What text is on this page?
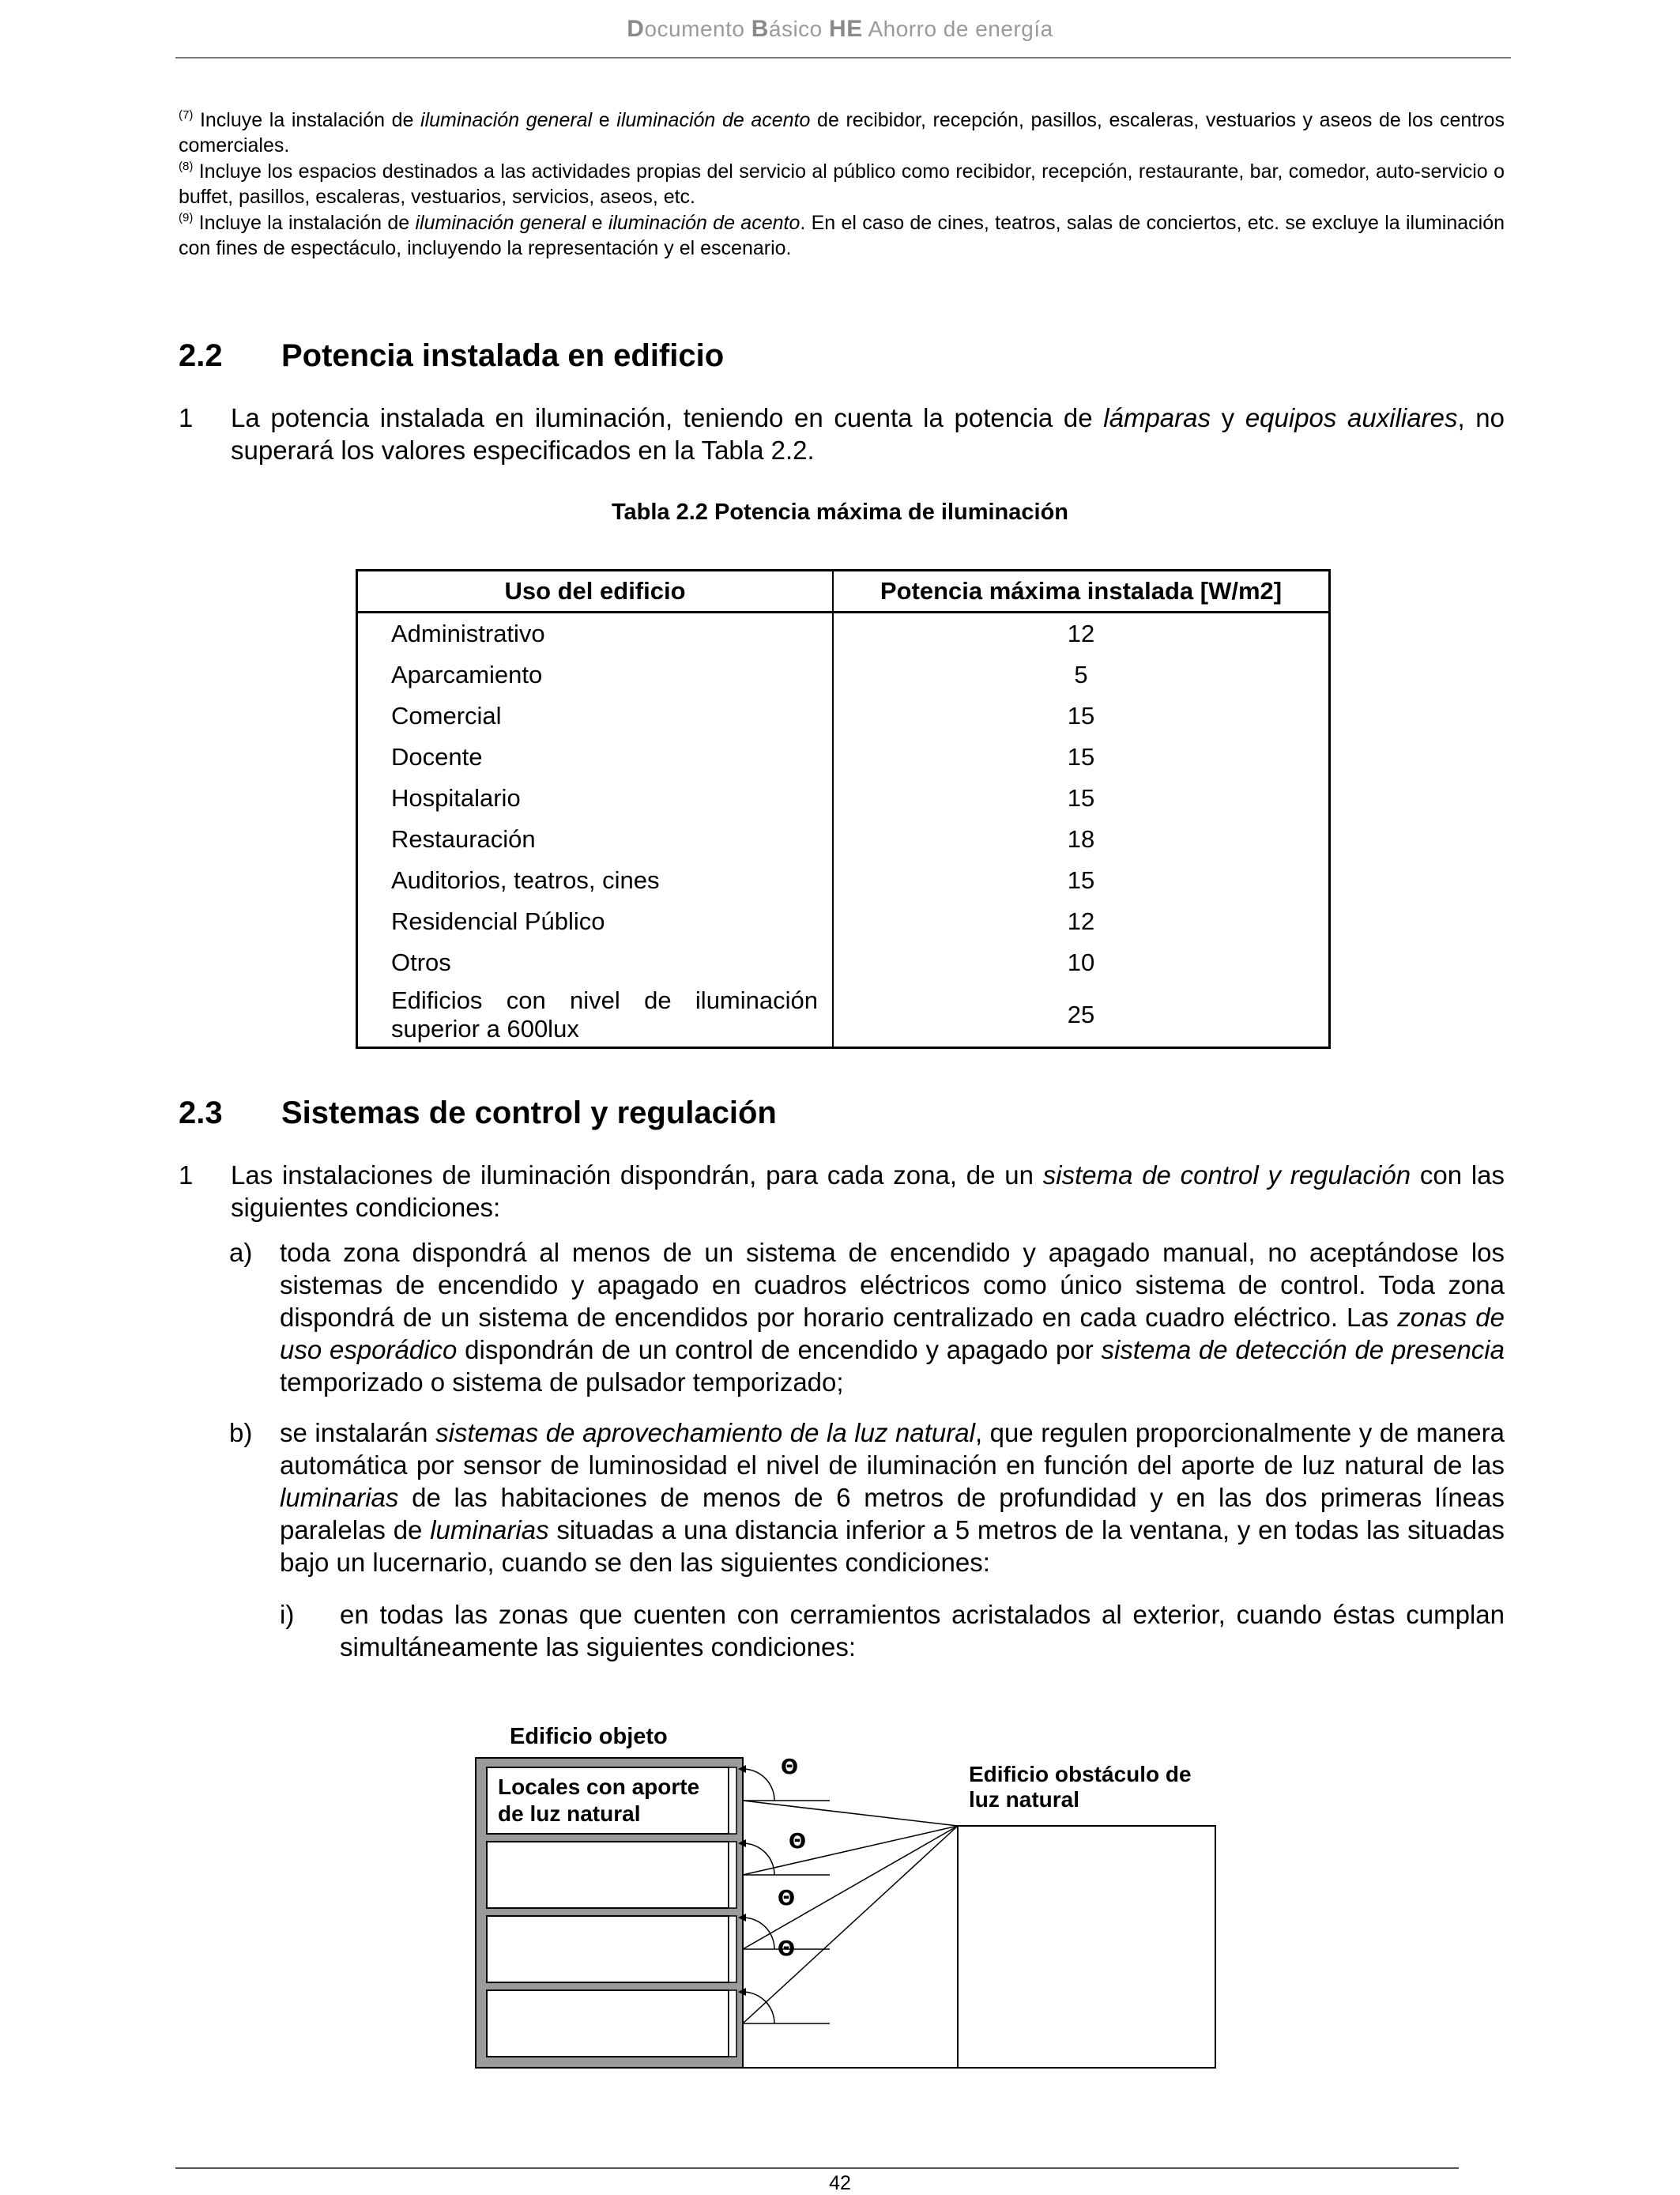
Documento Básico HE Ahorro de energía
$^{(7)}$ Incluye la instalación de iluminación general e iluminación de acento de recibidor, recepción, pasillos, escaleras, vestuarios y aseos de los centros comerciales.
$^{(8)}$ Incluye los espacios destinados a las actividades propias del servicio al público como recibidor, recepción, restaurante, bar, comedor, auto-servicio o buffet, pasillos, escaleras, vestuarios, servicios, aseos, etc.
$^{(9)}$ Incluye la instalación de iluminación general e iluminación de acento. En el caso de cines, teatros, salas de conciertos, etc. se excluye la iluminación con fines de espectáculo, incluyendo la representación y el escenario.
2.2 Potencia instalada en edificio
1 La potencia instalada en iluminación, teniendo en cuenta la potencia de lámparas y equipos auxiliares, no superará los valores especificados en la Tabla 2.2.
Tabla 2.2 Potencia máxima de iluminación
Uso del edificio	Potencia máxima instalada [W/m2]
Administrativo	12
Aparcamiento	5
Comercial	15
Docente	15
Hospitalario	15
Restauración	18
Auditorios, teatros, cines	15
Residencial Público	12
Otros	10
Edificios con nivel de iluminación superior a 600lux	25
2.3 Sistemas de control y regulación
1 Las instalaciones de iluminación dispondrán, para cada zona, de un sistema de control y regulación con las siguientes condiciones:
a) toda zona dispondrá al menos de un sistema de encendido y apagado manual, no aceptándose los sistemas de encendido y apagado en cuadros eléctricos como único sistema de control. Toda zona dispondrá de un sistema de encendidos por horario centralizado en cada cuadro eléctrico. Las zonas de uso esporádico dispondrán de un control de encendido y apagado por sistema de detección de presencia temporizado o sistema de pulsador temporizado;
b) se instalarán sistemas de aprovechamiento de la luz natural, que regulen proporcionalmente y de manera automática por sensor de luminosidad el nivel de iluminación en función del aporte de luz natural de las luminarias de las habitaciones de menos de 6 metros de profundidad y en las dos primeras líneas paralelas de luminarias situadas a una distancia inferior a 5 metros de la ventana, y en todas las situadas bajo un lucernario, cuando se den las siguientes condiciones:
i) en todas las zonas que cuenten con cerramientos acristalados al exterior, cuando éstas cumplan simultáneamente las siguientes condiciones:
Edificio objeto
Locales con aporte
de luz natural
Edificio obstáculo de
luz natural
Θ
Θ
Θ
Θ
42
